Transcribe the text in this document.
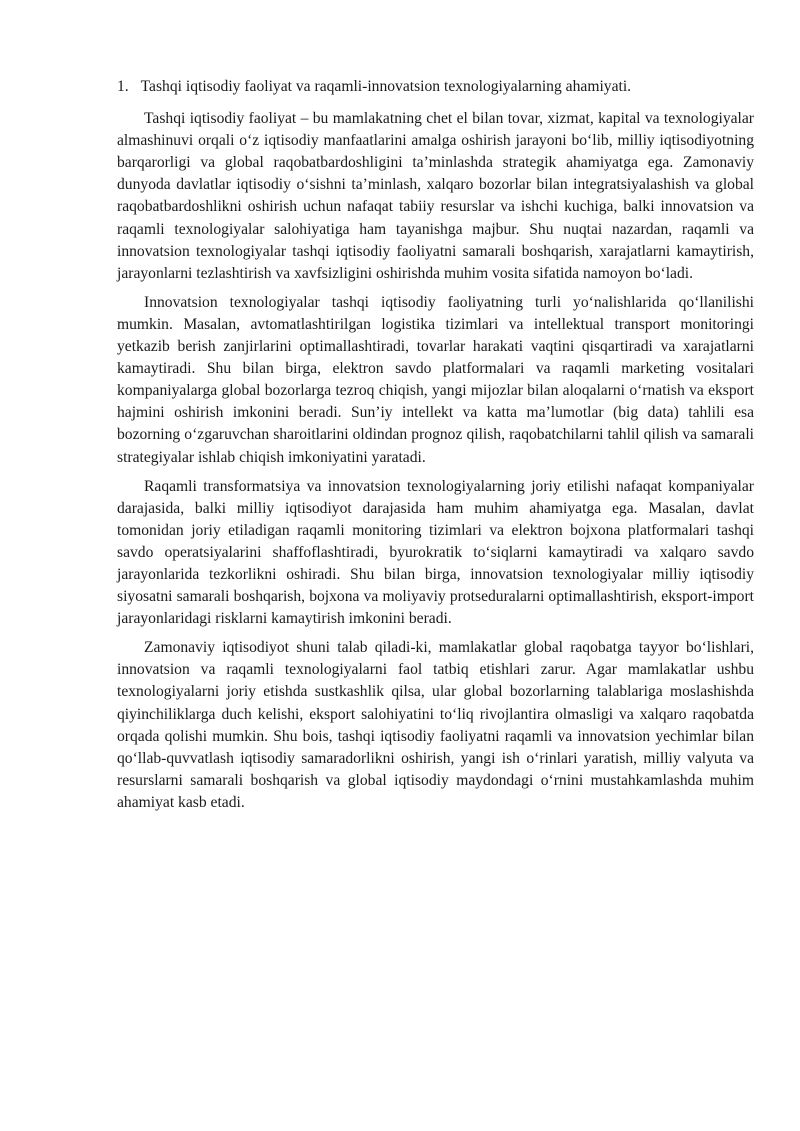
1. Tashqi iqtisodiy faoliyat va raqamli-innovatsion texnologiyalarning ahamiyati.

Tashqi iqtisodiy faoliyat – bu mamlakatning chet el bilan tovar, xizmat, kapital va texnologiyalar almashinuvi orqali o‘z iqtisodiy manfaatlarini amalga oshirish jarayoni bo‘lib, milliy iqtisodiyotning barqarorligi va global raqobatbardoshligini ta’minlashda strategik ahamiyatga ega. Zamonaviy dunyoda davlatlar iqtisodiy o‘sishni ta’minlash, xalqaro bozorlar bilan integratsiyalashish va global raqobatbardoshlikni oshirish uchun nafaqat tabiiy resurslar va ishchi kuchiga, balki innovatsion va raqamli texnologiyalar salohiyatiga ham tayanishga majbur. Shu nuqtai nazardan, raqamli va innovatsion texnologiyalar tashqi iqtisodiy faoliyatni samarali boshqarish, xarajatlarni kamaytirish, jarayonlarni tezlashtirish va xavfsizligini oshirishda muhim vosita sifatida namoyon bo‘ladi.

Innovatsion texnologiyalar tashqi iqtisodiy faoliyatning turli yo‘nalishlarida qo‘llanilishi mumkin. Masalan, avtomatlashtirilgan logistika tizimlari va intellektual transport monitoringi yetkazib berish zanjirlarini optimallashtiradi, tovarlar harakati vaqtini qisqartiradi va xarajatlarni kamaytiradi. Shu bilan birga, elektron savdo platformalari va raqamli marketing vositalari kompaniyalarga global bozorlarga tezroq chiqish, yangi mijozlar bilan aloqalarni o‘rnatish va eksport hajmini oshirish imkonini beradi. Sun’iy intellekt va katta ma’lumotlar (big data) tahlili esa bozorning o‘zgaruvchan sharoitlarini oldindan prognoz qilish, raqobatchilarni tahlil qilish va samarali strategiyalar ishlab chiqish imkoniyatini yaratadi.

Raqamli transformatsiya va innovatsion texnologiyalarning joriy etilishi nafaqat kompaniyalar darajasida, balki milliy iqtisodiyot darajasida ham muhim ahamiyatga ega. Masalan, davlat tomonidan joriy etiladigan raqamli monitoring tizimlari va elektron bojxona platformalari tashqi savdo operatsiyalarini shaffoflashtiradi, byurokratik to‘siqlarni kamaytiradi va xalqaro savdo jarayonlarida tezkorlikni oshiradi. Shu bilan birga, innovatsion texnologiyalar milliy iqtisodiy siyosatni samarali boshqarish, bojxona va moliyaviy protseduralarni optimallashtirish, eksport-import jarayonlaridagi risklarni kamaytirish imkonini beradi.

Zamonaviy iqtisodiyot shuni talab qiladi-ki, mamlakatlar global raqobatga tayyor bo‘lishlari, innovatsion va raqamli texnologiyalarni faol tatbiq etishlari zarur. Agar mamlakatlar ushbu texnologiyalarni joriy etishda sustkashlik qilsa, ular global bozorlarning talablariga moslashishda qiyinchiliklarga duch kelishi, eksport salohiyatini to‘liq rivojlantira olmasligi va xalqaro raqobatda orqada qolishi mumkin. Shu bois, tashqi iqtisodiy faoliyatni raqamli va innovatsion yechimlar bilan qo‘llab-quvvatlash iqtisodiy samaradorlikni oshirish, yangi ish o‘rinlari yaratish, milliy valyuta va resurslarni samarali boshqarish va global iqtisodiy maydondagi o‘rnini mustahkamlashda muhim ahamiyat kasb etadi.
